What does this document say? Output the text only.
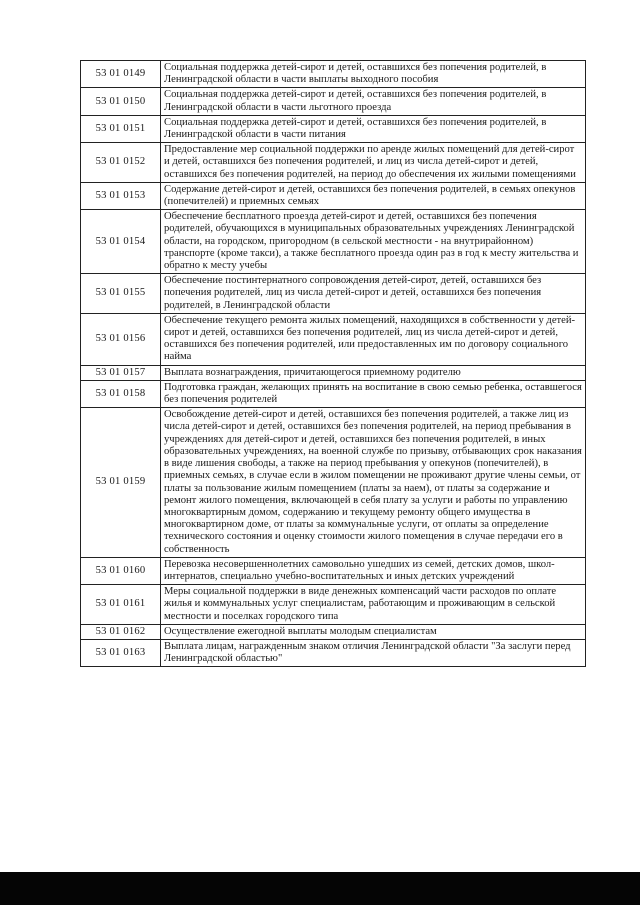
53 01 0149	Социальная поддержка детей-сирот и детей, оставшихся без попечения родителей, в Ленинградской области в части выплаты выходного пособия
53 01 0150	Социальная поддержка детей-сирот и детей, оставшихся без попечения родителей, в Ленинградской области в части льготного проезда
53 01 0151	Социальная поддержка детей-сирот и детей, оставшихся без попечения родителей, в Ленинградской области в части питания
53 01 0152	Предоставление мер социальной поддержки по аренде жилых помещений для детей-сирот и детей, оставшихся без попечения родителей, и лиц из числа детей-сирот и детей, оставшихся без попечения родителей, на период до обеспечения их жилыми помещениями
53 01 0153	Содержание детей-сирот и детей, оставшихся без попечения родителей, в семьях опекунов (попечителей) и приемных семьях
53 01 0154	Обеспечение бесплатного проезда детей-сирот и детей, оставшихся без попечения родителей, обучающихся в муниципальных образовательных учреждениях Ленинградской области, на городском, пригородном (в сельской местности - на внутрирайонном) транспорте (кроме такси), а также бесплатного проезда один раз в год к месту жительства и обратно к месту учебы
53 01 0155	Обеспечение постинтернатного сопровождения детей-сирот, детей, оставшихся без попечения родителей, лиц из числа детей-сирот и детей, оставшихся без попечения родителей, в Ленинградской области
53 01 0156	Обеспечение текущего ремонта жилых помещений, находящихся в собственности у детей-сирот и детей, оставшихся без попечения родителей, лиц из числа детей-сирот и детей, оставшихся без попечения родителей, или предоставленных им по договору социального найма
53 01 0157	Выплата вознаграждения, причитающегося приемному родителю
53 01 0158	Подготовка граждан, желающих принять на воспитание в свою семью ребенка, оставшегося без попечения родителей
53 01 0159	Освобождение детей-сирот и детей, оставшихся без попечения родителей, а также лиц из числа детей-сирот и детей, оставшихся без попечения родителей, на период пребывания в учреждениях для детей-сирот и детей, оставшихся без попечения родителей, в иных образовательных учреждениях, на военной службе по призыву, отбывающих срок наказания в виде лишения свободы, а также на период пребывания у опекунов (попечителей), в приемных семьях, в случае если в жилом помещении не проживают другие члены семьи, от платы за пользование жилым помещением (платы за наем), от платы за содержание и ремонт жилого помещения, включающей в себя плату за услуги и работы по управлению многоквартирным домом, содержанию и текущему ремонту общего имущества в многоквартирном доме, от платы за коммунальные услуги, от оплаты за определение технического состояния и оценку стоимости жилого помещения в случае передачи его в собственность
53 01 0160	Перевозка несовершеннолетних самовольно ушедших из семей, детских домов, школ-интернатов, специально учебно-воспитательных и иных детских учреждений
53 01 0161	Меры социальной поддержки в виде денежных компенсаций части расходов по оплате жилья и коммунальных услуг специалистам, работающим и проживающим в сельской местности и поселках городского типа
53 01 0162	Осуществление ежегодной выплаты молодым специалистам
53 01 0163	Выплата лицам, награжденным знаком отличия Ленинградской области "За заслуги перед Ленинградской областью"
